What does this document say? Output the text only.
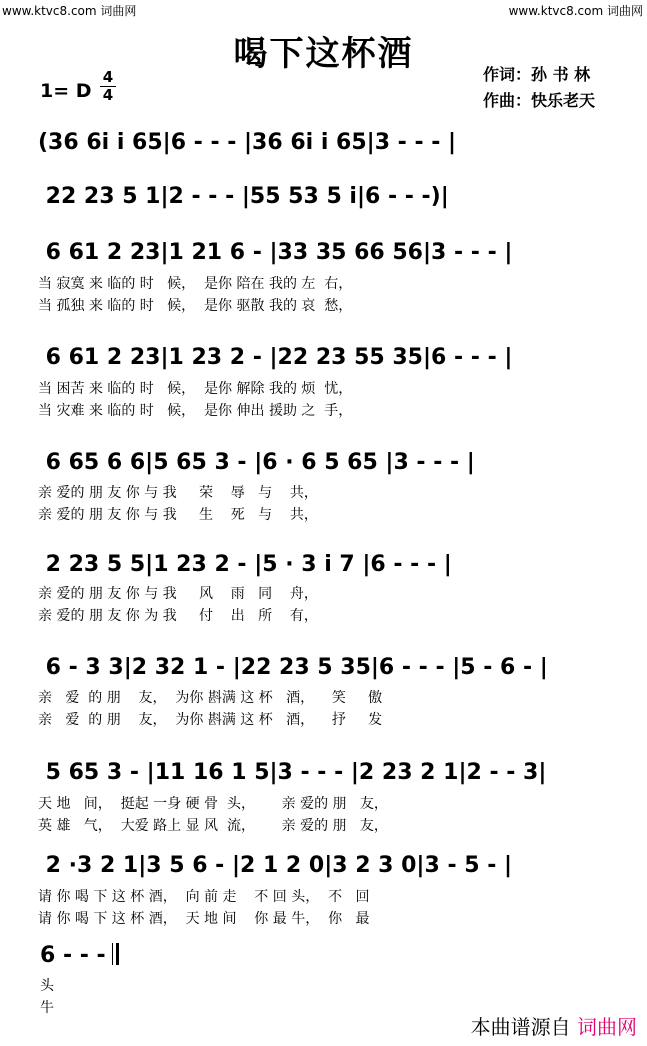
www.ktvc8.com 词曲网	www.ktvc8.com 词曲网
喝下这杯酒
作词：孙 书 林
作曲：快乐老天
1= D
4
4
(36 6i i 65|6 - - - |36 6i i 65|3 - - - |
22 23 5 1|2 - - - |55 53 5 i|6 - - -)|
6 61 2 23|1 21 6 - |33 35 66 56|3 - - - |
当 寂寞 来 临的 时   候，  是你 陪在 我的 左  右，
当 孤独 来 临的 时   候，  是你 驱散 我的 哀  愁，
6 61 2 23|1 23 2 - |22 23 55 35|6 - - - |
当 困苦 来 临的 时   候，  是你 解除 我的 烦  忧，
当 灾难 来 临的 时   候，  是你 伸出 援助 之  手，
6 65 6 6|5 65 3 - |6 · 6 5 65 |3 - - - |
亲 爱的 朋 友 你 与 我     荣    辱   与    共，
亲 爱的 朋 友 你 与 我     生    死   与    共，
2 23 5 5|1 23 2 - |5 · 3 i 7 |6 - - - |
亲 爱的 朋 友 你 与 我     风    雨   同    舟，
亲 爱的 朋 友 你 为 我     付    出   所    有，
6 - 3 3|2 32 1 - |22 23 5 35|6 - - - |5 - 6 - |
亲   爱  的 朋    友，  为你 斟满 这 杯   酒，    笑     傲
亲   爱  的 朋    友，  为你 斟满 这 杯   酒，    抒     发
5 65 3 - |11 16 1 5|3 - - - |2 23 2 1|2 - - 3|
天 地   间，  挺起 一身 硬 骨  头，      亲 爱的 朋   友，
英 雄   气，  大爱 路上 显 风  流，      亲 爱的 朋   友，
2 ·3 2 1|3 5 6 - |2 1 2 0|3 2 3 0|3 - 5 - |
请 你 喝 下 这 杯 酒，  向 前 走    不 回 头，  不   回
请 你 喝 下 这 杯 酒，  天 地 间    你 最 牛，  你   最
6 - - -
头
牛
本曲谱源自 词曲网
